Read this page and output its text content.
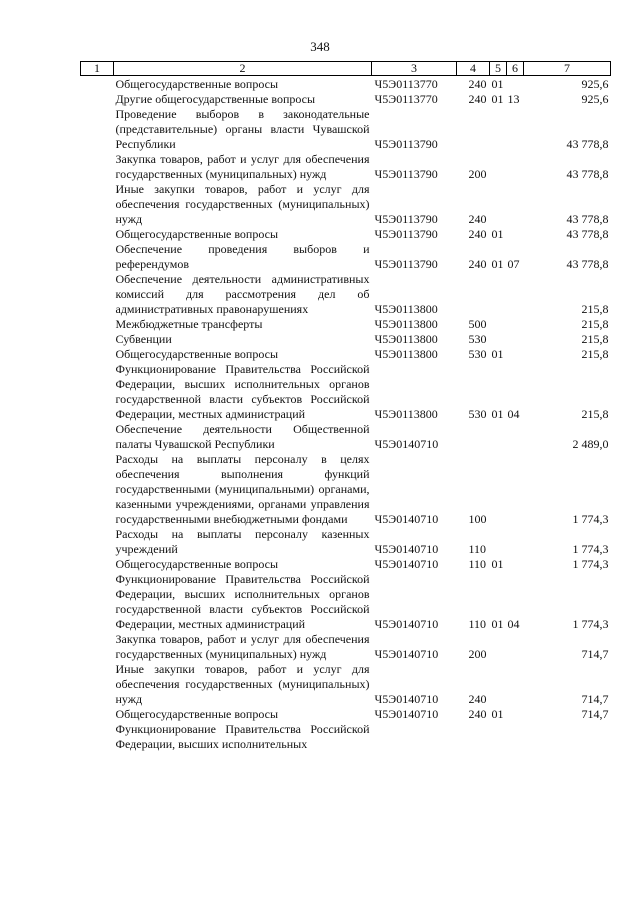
348
1	2	3	4	5	6	7
	Общегосударственные вопросы	Ч5Э0113770	240	01		925,6
	Другие общегосударственные вопросы	Ч5Э0113770	240	01	13	925,6
	Проведение выборов в законодательные (представительные) органы власти Чувашской Республики	Ч5Э0113790				43 778,8
	Закупка товаров, работ и услуг для обеспечения государственных (муниципальных) нужд	Ч5Э0113790	200			43 778,8
	Иные закупки товаров, работ и услуг для обеспечения государственных (муниципальных) нужд	Ч5Э0113790	240			43 778,8
	Общегосударственные вопросы	Ч5Э0113790	240	01		43 778,8
	Обеспечение проведения выборов и референдумов	Ч5Э0113790	240	01	07	43 778,8
	Обеспечение деятельности административных комиссий для рассмотрения дел об административных правонарушениях	Ч5Э0113800				215,8
	Межбюджетные трансферты	Ч5Э0113800	500			215,8
	Субвенции	Ч5Э0113800	530			215,8
	Общегосударственные вопросы	Ч5Э0113800	530	01		215,8
	Функционирование Правительства Российской Федерации, высших исполнительных органов государственной власти субъектов Российской Федерации, местных администраций	Ч5Э0113800	530	01	04	215,8
	Обеспечение деятельности Общественной палаты Чувашской Республики	Ч5Э0140710				2 489,0
	Расходы на выплаты персоналу в целях обеспечения выполнения функций государственными (муниципальными) органами, казенными учреждениями, органами управления государственными внебюджетными фондами	Ч5Э0140710	100			1 774,3
	Расходы на выплаты персоналу казенных учреждений	Ч5Э0140710	110			1 774,3
	Общегосударственные вопросы	Ч5Э0140710	110	01		1 774,3
	Функционирование Правительства Российской Федерации, высших исполнительных органов государственной власти субъектов Российской Федерации, местных администраций	Ч5Э0140710	110	01	04	1 774,3
	Закупка товаров, работ и услуг для обеспечения государственных (муниципальных) нужд	Ч5Э0140710	200			714,7
	Иные закупки товаров, работ и услуг для обеспечения государственных (муниципальных) нужд	Ч5Э0140710	240			714,7
	Общегосударственные вопросы	Ч5Э0140710	240	01		714,7
	Функционирование Правительства Российской Федерации, высших исполнительных					
